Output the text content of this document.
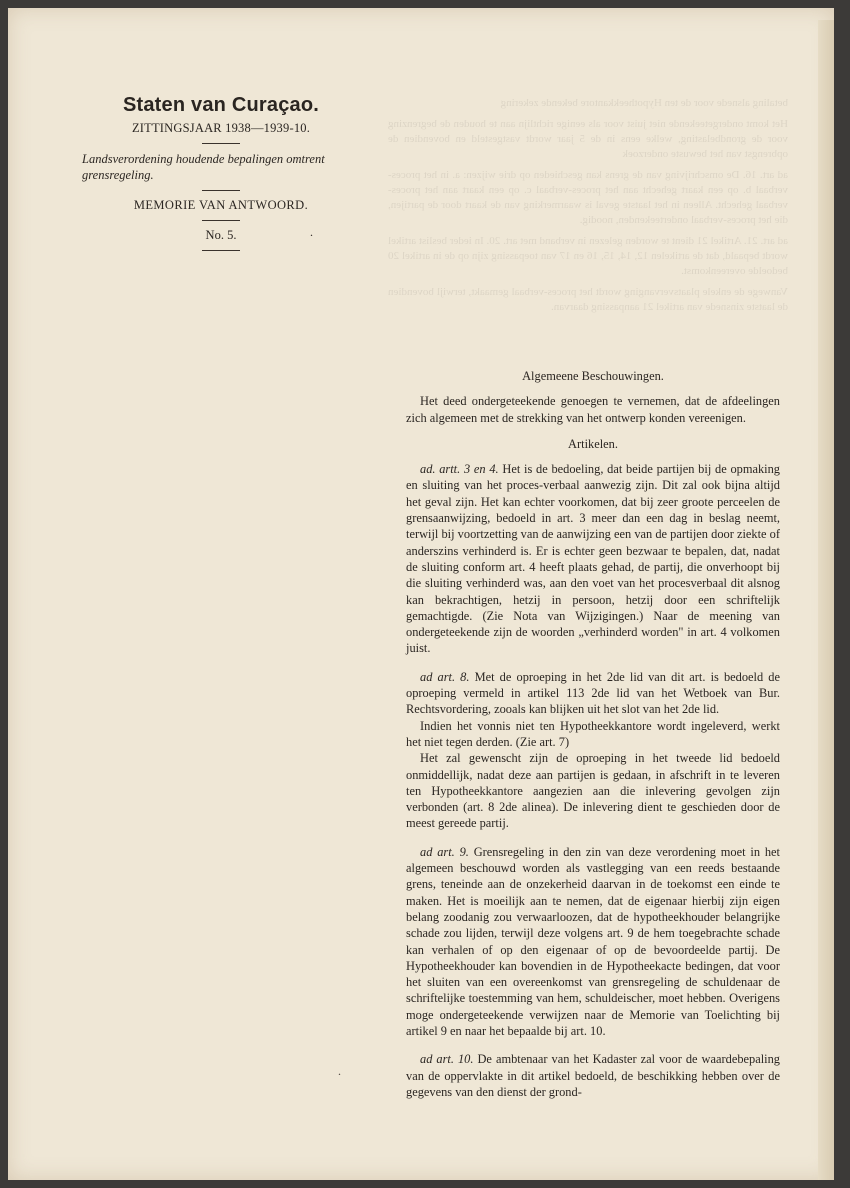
betaling alsnede voor de ten Hypotheekkantore bekende zekering

Het komt ondergeteekende niet juist voor als eenige richtlijn aan te houden de begrenzing voor de grondbelasting, welke eens in de 5 jaar wordt vastgesteld en bovendien de opbrengst van het bewuste onderzoek

ad art. 16. De omschrijving van de grens kan geschieden op drie wijzen: a. in het proces-verbaal b. op een kaart gehecht aan het proces-verbaal c. op een kaart aan het proces-verbaal gehecht. Alleen in het laatste geval is waarmerking van de kaart door de partijen, die het proces-verbaal onderteekenden, noodig.

ad art. 21. Artikel 21 dient te worden gelezen in verband met art. 20. In ieder beslist artikel wordt bepaald, dat de artikelen 12, 14, 15, 16 en 17 van toepassing zijn op de in artikel 20 bedoelde overeenkomst.

Vanwege de enkele plaatsvervanging wordt het proces-verbaal gemaakt, terwijl bovendien de laatste zinsnede van artikel 21 aanpassing daarvan.

Staten van Curaçao.
ZITTINGSJAAR 1938—1939-10.
Landsverordening houdende bepalingen omtrent grensregeling.
MEMORIE VAN ANTWOORD.
No. 5.	.

Algemeene Beschouwingen.

Het deed ondergeteekende genoegen te vernemen, dat de afdeelingen zich algemeen met de strekking van het ontwerp konden vereenigen.

Artikelen.

ad. artt. 3 en 4. Het is de bedoeling, dat beide partijen bij de opmaking en sluiting van het proces-verbaal aanwezig zijn. Dit zal ook bijna altijd het geval zijn. Het kan echter voorkomen, dat bij zeer groote perceelen de grensaanwijzing, bedoeld in art. 3 meer dan een dag in beslag neemt, terwijl bij voortzetting van de aanwijzing een van de partijen door ziekte of anderszins verhinderd is. Er is echter geen bezwaar te bepalen, dat, nadat de sluiting conform art. 4 heeft plaats gehad, de partij, die onverhoopt bij die sluiting verhinderd was, aan den voet van het procesverbaal dit alsnog kan bekrachtigen, hetzij in persoon, hetzij door een schriftelijk gemachtigde. (Zie Nota van Wijzigingen.) Naar de meening van ondergeteekende zijn de woorden „verhinderd worden" in art. 4 volkomen juist.

ad art. 8. Met de oproeping in het 2de lid van dit art. is bedoeld de oproeping vermeld in artikel 113 2de lid van het Wetboek van Bur. Rechtsvordering, zooals kan blijken uit het slot van het 2de lid.

Indien het vonnis niet ten Hypotheekkantore wordt ingeleverd, werkt het niet tegen derden. (Zie art. 7)

Het zal gewenscht zijn de oproeping in het tweede lid bedoeld onmiddellijk, nadat deze aan partijen is gedaan, in afschrift in te leveren ten Hypotheekkantore aangezien aan die inlevering gevolgen zijn verbonden (art. 8 2de alinea). De inlevering dient te geschieden door de meest gereede partij.

ad art. 9. Grensregeling in den zin van deze verordening moet in het algemeen beschouwd worden als vastlegging van een reeds bestaande grens, teneinde aan de onzekerheid daarvan in de toekomst een einde te maken. Het is moeilijk aan te nemen, dat de eigenaar hierbij zijn eigen belang zoodanig zou verwaarloozen, dat de hypotheekhouder belangrijke schade zou lijden, terwijl deze volgens art. 9 de hem toegebrachte schade kan verhalen of op den eigenaar of op de bevoordeelde partij. De Hypotheekhouder kan bovendien in de Hypotheekacte bedingen, dat voor het sluiten van een overeenkomst van grensregeling de schuldenaar de schriftelijke toestemming van hem, schuldeischer, moet hebben. Overigens moge ondergeteekende verwijzen naar de Memorie van Toelichting bij artikel 9 en naar het bepaalde bij art. 10.

ad art. 10. De ambtenaar van het Kadaster zal voor de waardebepaling van de oppervlakte in dit artikel bedoeld, de beschikking hebben over de gegevens van den dienst der grond-

.
